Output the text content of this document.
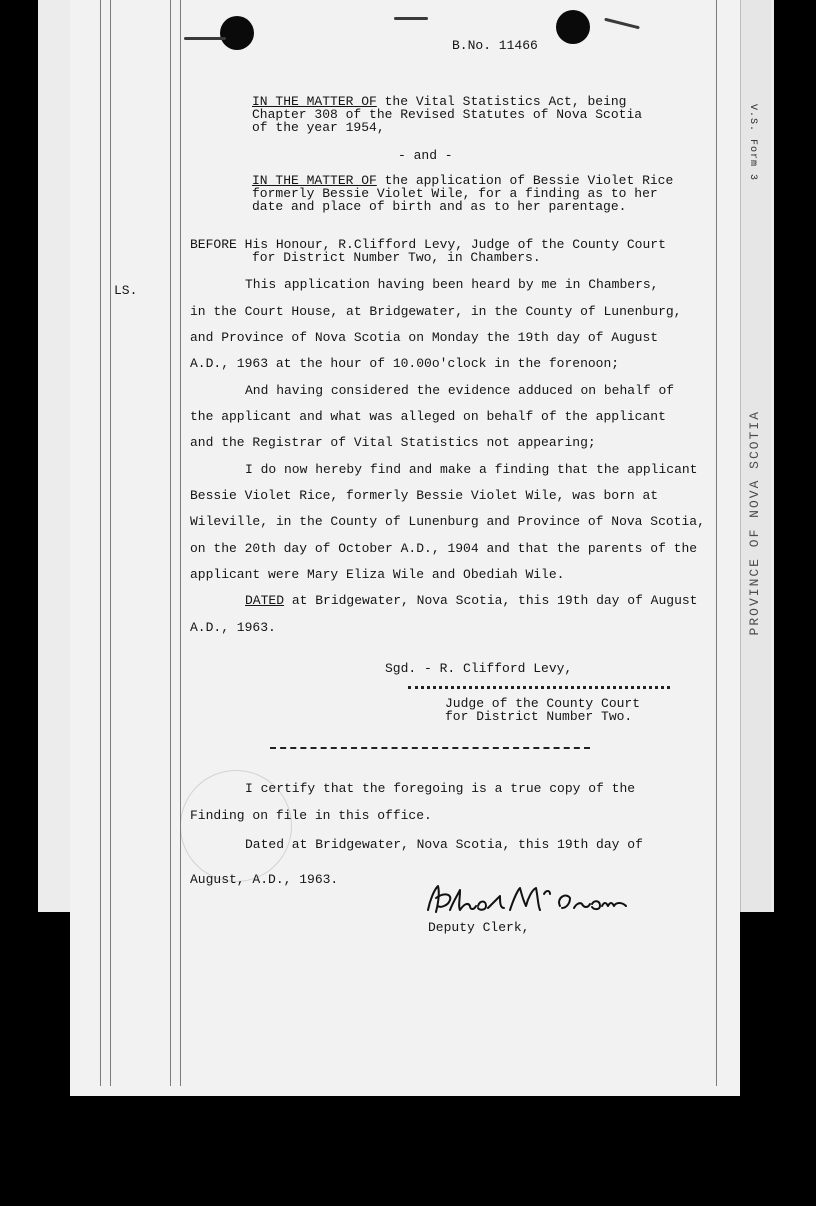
V.S. Form 3
PROVINCE OF NOVA SCOTIA
B.No. 11466
LS.
IN THE MATTER OF the Vital Statistics Act, being
Chapter 308 of the Revised Statutes of Nova Scotia
of the year 1954,
- and -
IN THE MATTER OF the application of Bessie Violet Rice
formerly Bessie Violet Wile, for a finding as to her
date and place of birth and as to her parentage.
BEFORE His Honour, R.Clifford Levy, Judge of the County Court
for District Number Two, in Chambers.
This application having been heard by me in Chambers,
in the Court House, at Bridgewater, in the County of Lunenburg,
and Province of Nova Scotia on Monday the 19th day of August
A.D., 1963 at the hour of 10.00o'clock in the forenoon;
And having considered the evidence adduced on behalf of
the applicant and what was alleged on behalf of the applicant
and the Registrar of Vital Statistics not appearing;
I do now hereby find and make a finding that the applicant
Bessie Violet Rice, formerly Bessie Violet Wile, was born at
Wileville, in the County of Lunenburg and Province of Nova Scotia,
on the 20th day of October A.D., 1904 and that the parents of the
applicant were Mary Eliza Wile and Obediah Wile.
DATED at Bridgewater, Nova Scotia, this 19th day of August
A.D., 1963.
Sgd. - R. Clifford Levy,
Judge of the County Court
for District Number Two.
I certify that the foregoing is a true copy of the
Finding on file in this office.
Dated at Bridgewater, Nova Scotia, this 19th day of
August, A.D., 1963.
Deputy Clerk,
